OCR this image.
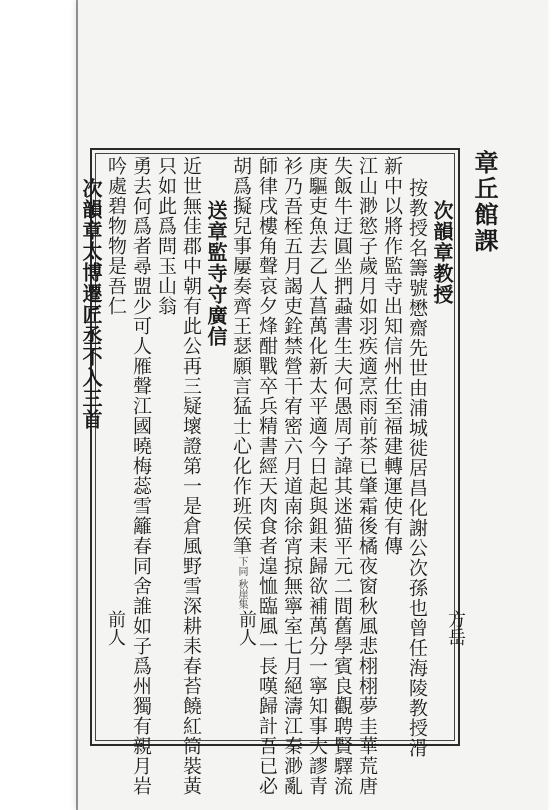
章丘館課
次韻章教授
按教授名籌號懋齋先世由浦城徙居昌化謝公次孫也曾任海陵教授滑
新中以將作監寺出知信州仕至福建轉運使有傳
江山渺慾子歲月如羽疾適烹雨前茶已肇霜後橘夜窗秋風悲栩栩夢圭華荒唐
失飯牛迂圓坐捫蝨書生夫何愚周子諱其迷猫平元二間舊學賓良觀聘賢驛流
庚驅吏魚去乙人菖萬化新太平適今日起與鉏耒歸欲補萬分一寧知事大謬青
衫乃吾桎五月謁吏銓禁營干宥密六月道南徐宵掠無寧室七月絕濤江秦渺亂
師律戌樓角聲哀夕烽酣戰卒兵精書經天肉食者遑恤臨風一長嘆歸計吾已必
胡爲擬兒事屢奏齊王瑟願言猛士心化作班侯筆下同 秋崖集
送章監寺守廣信
近世無佳郡中朝有此公再三疑壞證第一是倉風野雪深耕耒春苔饒紅筒裝黃
只如此爲問玉山翁
勇去何爲者尋盟少可人雁聲江國曉梅蕊雪籬春同舍誰如子爲州獨有親月岩
吟處碧物物是吾仁
次韻章太博遷匠丞不入三首
方岳
前人
前人
